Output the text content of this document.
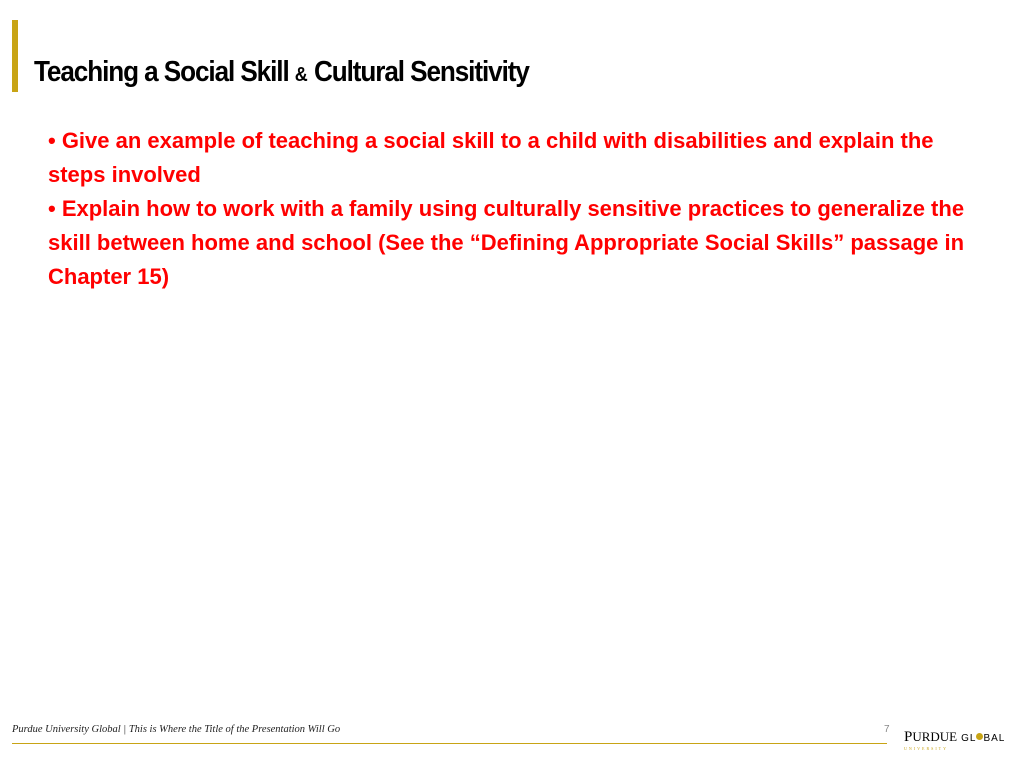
Teaching a Social Skill & Cultural Sensitivity

• Give an example of teaching a social skill to a child with disabilities and explain the steps involved

• Explain how to work with a family using culturally sensitive practices to generalize the skill between home and school (See the “Defining Appropriate Social Skills” passage in Chapter 15)

Purdue University Global | This is Where the Title of the Presentation Will Go	7 PURDUE GL BAL
UNIVERSITY
